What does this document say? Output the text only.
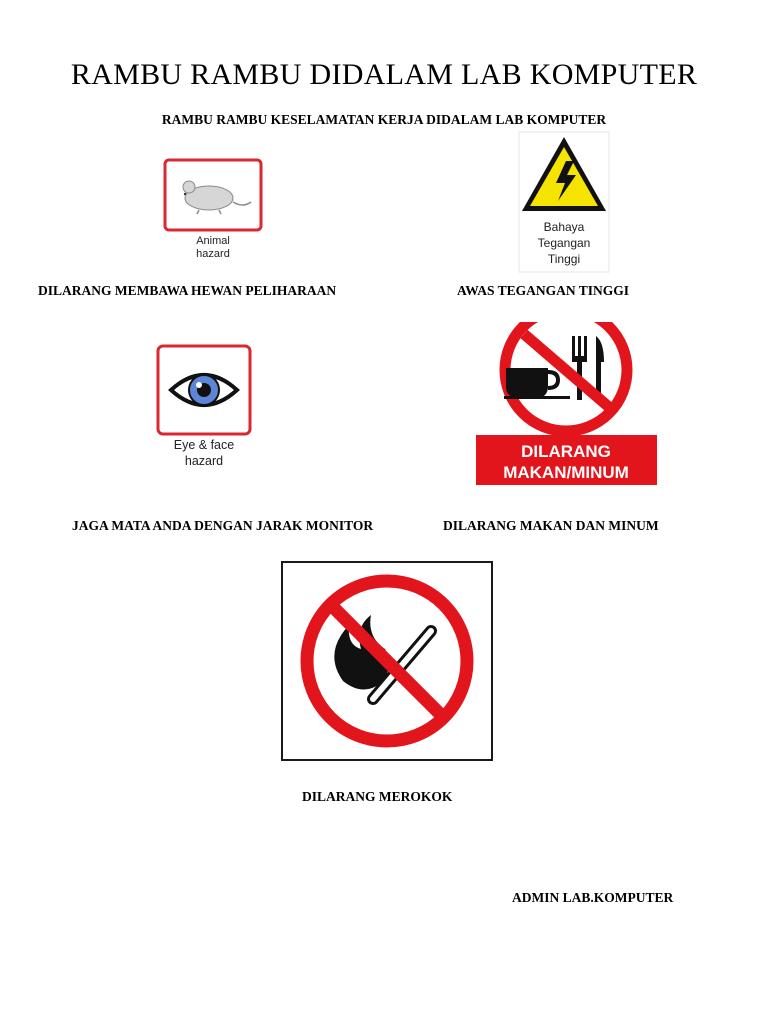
RAMBU RAMBU DIDALAM LAB KOMPUTER
RAMBU RAMBU KESELAMATAN KERJA DIDALAM LAB KOMPUTER
Animal
hazard
Bahaya
Tegangan
Tinggi
DILARANG MEMBAWA HEWAN PELIHARAAN	AWAS TEGANGAN TINGGI
Eye & face
hazard	DILARANG
MAKAN/MINUM
JAGA MATA ANDA DENGAN JARAK MONITOR	DILARANG MAKAN DAN MINUM
DILARANG MEROKOK
ADMIN LAB.KOMPUTER
